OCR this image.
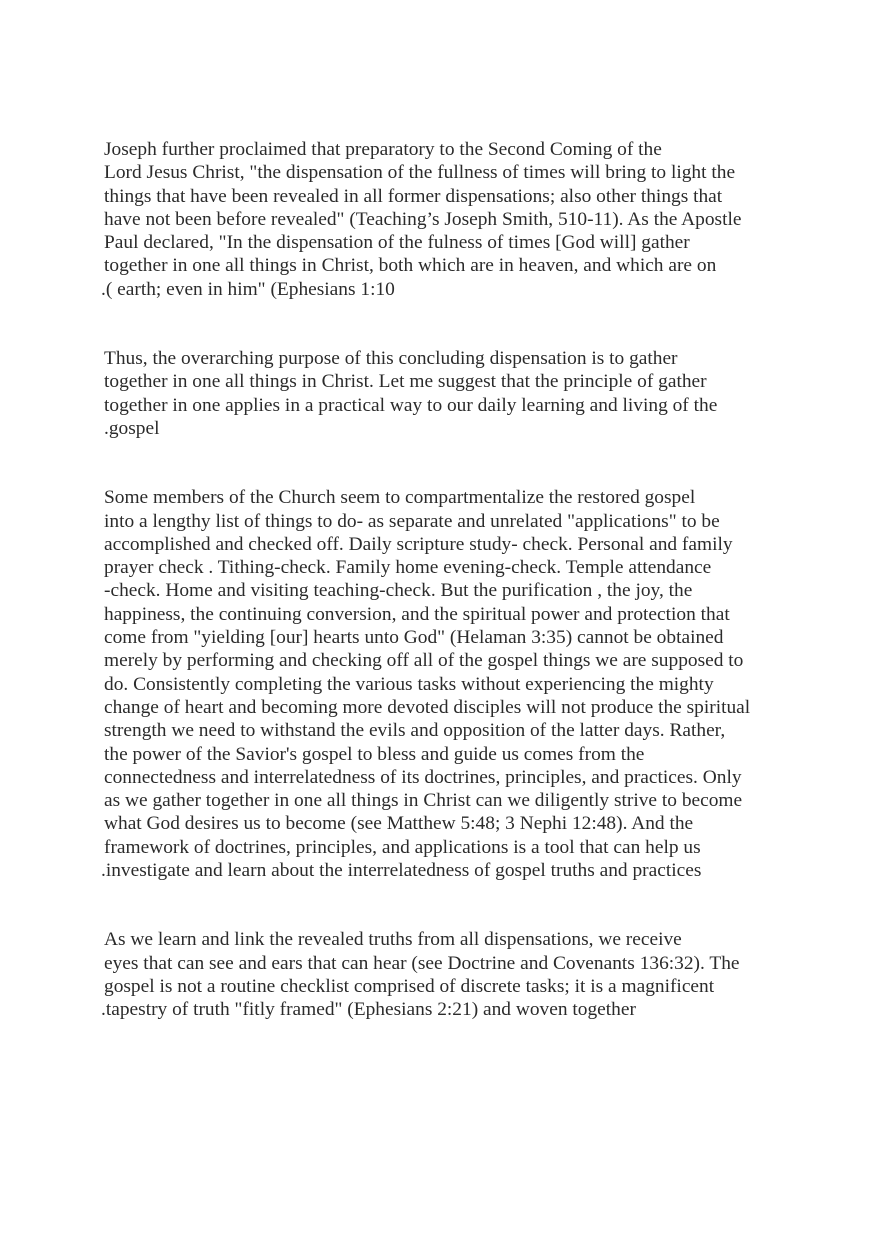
Joseph further proclaimed that preparatory to the Second Coming of the
Lord Jesus Christ, "the dispensation of the fullness of times will bring to light the
things that have been revealed in all former dispensations; also other things that
have not been before revealed" (Teaching’s Joseph Smith, 510-11). As the Apostle
Paul declared, "In the dispensation of the fulness of times [God will] gather
together in one all things in Christ, both which are in heaven, and which are on
.( earth; even in him" (Ephesians 1:10

Thus, the overarching purpose of this concluding dispensation is to gather
together in one all things in Christ. Let me suggest that the principle of gather
together in one applies in a practical way to our daily learning and living of the
.gospel

Some members of the Church seem to compartmentalize the restored gospel
into a lengthy list of things to do- as separate and unrelated "applications" to be
accomplished and checked off. Daily scripture study- check. Personal and family
prayer check . Tithing-check. Family home evening-check. Temple attendance
-check. Home and visiting teaching-check. But the purification , the joy, the
happiness, the continuing conversion, and the spiritual power and protection that
come from "yielding [our] hearts unto God" (Helaman 3:35) cannot be obtained
merely by performing and checking off all of the gospel things we are supposed to
do. Consistently completing the various tasks without experiencing the mighty
change of heart and becoming more devoted disciples will not produce the spiritual
strength we need to withstand the evils and opposition of the latter days. Rather,
the power of the Savior's gospel to bless and guide us comes from the
connectedness and interrelatedness of its doctrines, principles, and practices. Only
as we gather together in one all things in Christ can we diligently strive to become
what God desires us to become (see Matthew 5:48; 3 Nephi 12:48). And the
framework of doctrines, principles, and applications is a tool that can help us
.investigate and learn about the interrelatedness of gospel truths and practices

As we learn and link the revealed truths from all dispensations, we receive
eyes that can see and ears that can hear (see Doctrine and Covenants 136:32). The
gospel is not a routine checklist comprised of discrete tasks; it is a magnificent
.tapestry of truth "fitly framed" (Ephesians 2:21) and woven together
